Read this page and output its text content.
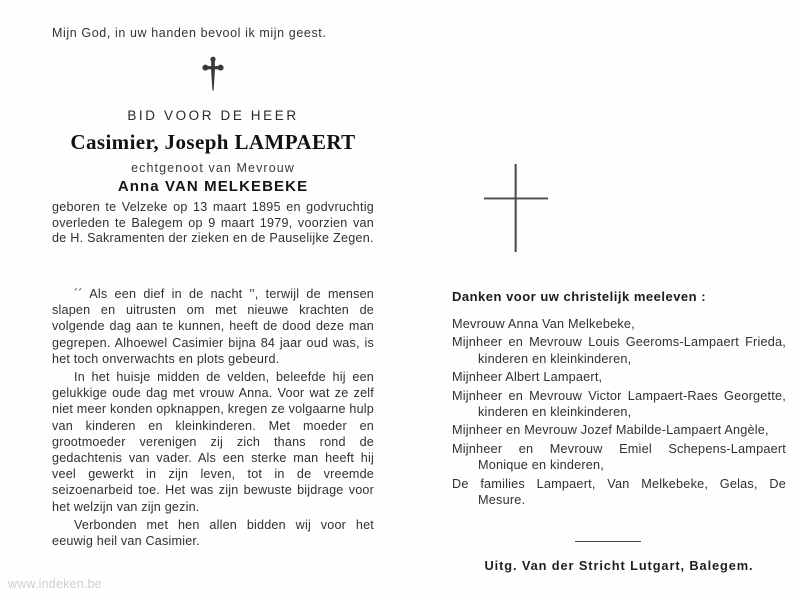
Mijn God, in uw handen bevool ik mijn geest.
BID VOOR DE HEER
Casimier, Joseph LAMPAERT
echtgenoot van Mevrouw
Anna VAN MELKEBEKE
geboren te Velzeke op 13 maart 1895 en godvruchtig overleden te Balegem op 9 maart 1979, voorzien van de H. Sakramenten der zieken en de Pauselijke Zegen.

´´ Als een dief in de nacht '', terwijl de mensen slapen en uitrusten om met nieuwe krachten de volgende dag aan te kunnen, heeft de dood deze man gegrepen. Alhoewel Casimier bijna 84 jaar oud was, is het toch onverwachts en plots gebeurd.

In het huisje midden de velden, beleefde hij een gelukkige oude dag met vrouw Anna. Voor wat ze zelf niet meer konden opknappen, kregen ze volgaarne hulp van kinderen en kleinkinderen. Met moeder en grootmoeder verenigen zij zich thans rond de gedachtenis van vader. Als een sterke man heeft hij veel gewerkt in zijn leven, tot in de vreemde seizoenarbeid toe. Het was zijn bewuste bijdrage voor het welzijn van zijn gezin.

Verbonden met hen allen bidden wij voor het eeuwig heil van Casimier.

Danken voor uw christelijk meeleven :
Mevrouw Anna Van Melkebeke,
Mijnheer en Mevrouw Louis Geeroms-Lampaert Frieda, kinderen en kleinkinderen,
Mijnheer Albert Lampaert,
Mijnheer en Mevrouw Victor Lampaert-Raes Georgette, kinderen en kleinkinderen,
Mijnheer en Mevrouw Jozef Mabilde-Lampaert Angèle,
Mijnheer en Mevrouw Emiel Schepens-Lampaert Monique en kinderen,
De families Lampaert, Van Melkebeke, Gelas, De Mesure.
Uitg. Van der Stricht Lutgart, Balegem.
www.indeken.be
